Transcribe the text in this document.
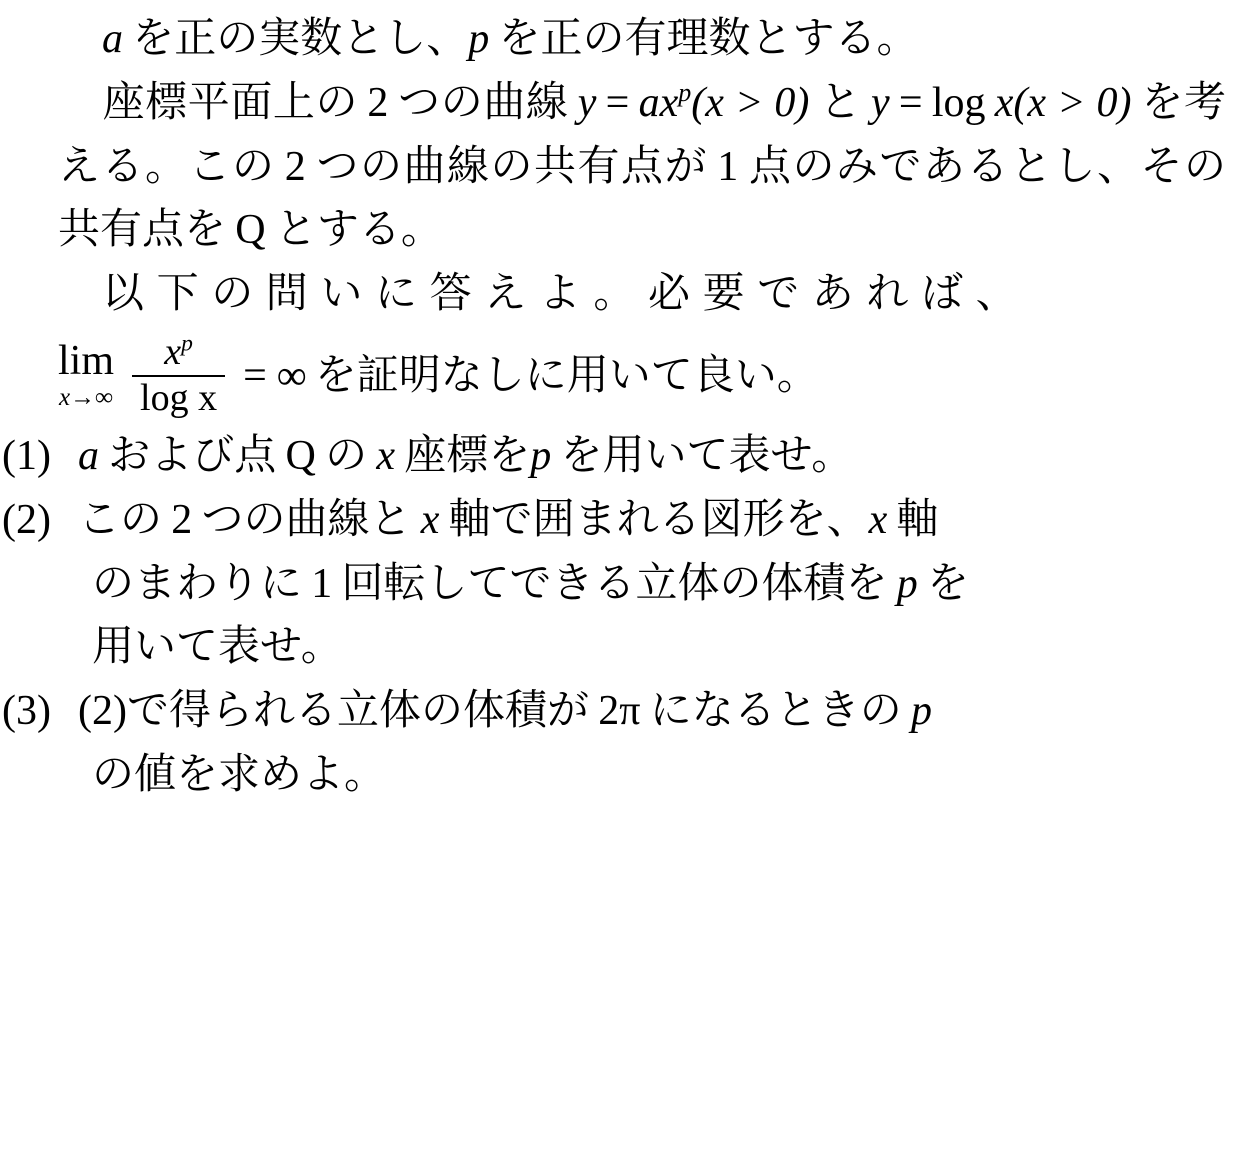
a を正の実数とし、p を正の有理数とする。

座標平面上の 2 つの曲線 $y = ax^p(x > 0)$ と y = log x(x > 0) を考える。この 2 つの曲線の共有点が 1 点のみであるとし、その共有点を Q とする。

以下の問いに答えよ。必要であれば、

lim
$x\to\infty \frac{x^p}{\text{log x}}$ = ∞ を証明なしに用いて良い。
(1) a および点 Q の x 座標をp を用いて表せ。
(2) この 2 つの曲線と x 軸で囲まれる図形を、x 軸
のまわりに 1 回転してできる立体の体積を p を
用いて表せ。
(3) (2)で得られる立体の体積が 2π になるときの p
の値を求めよ。
